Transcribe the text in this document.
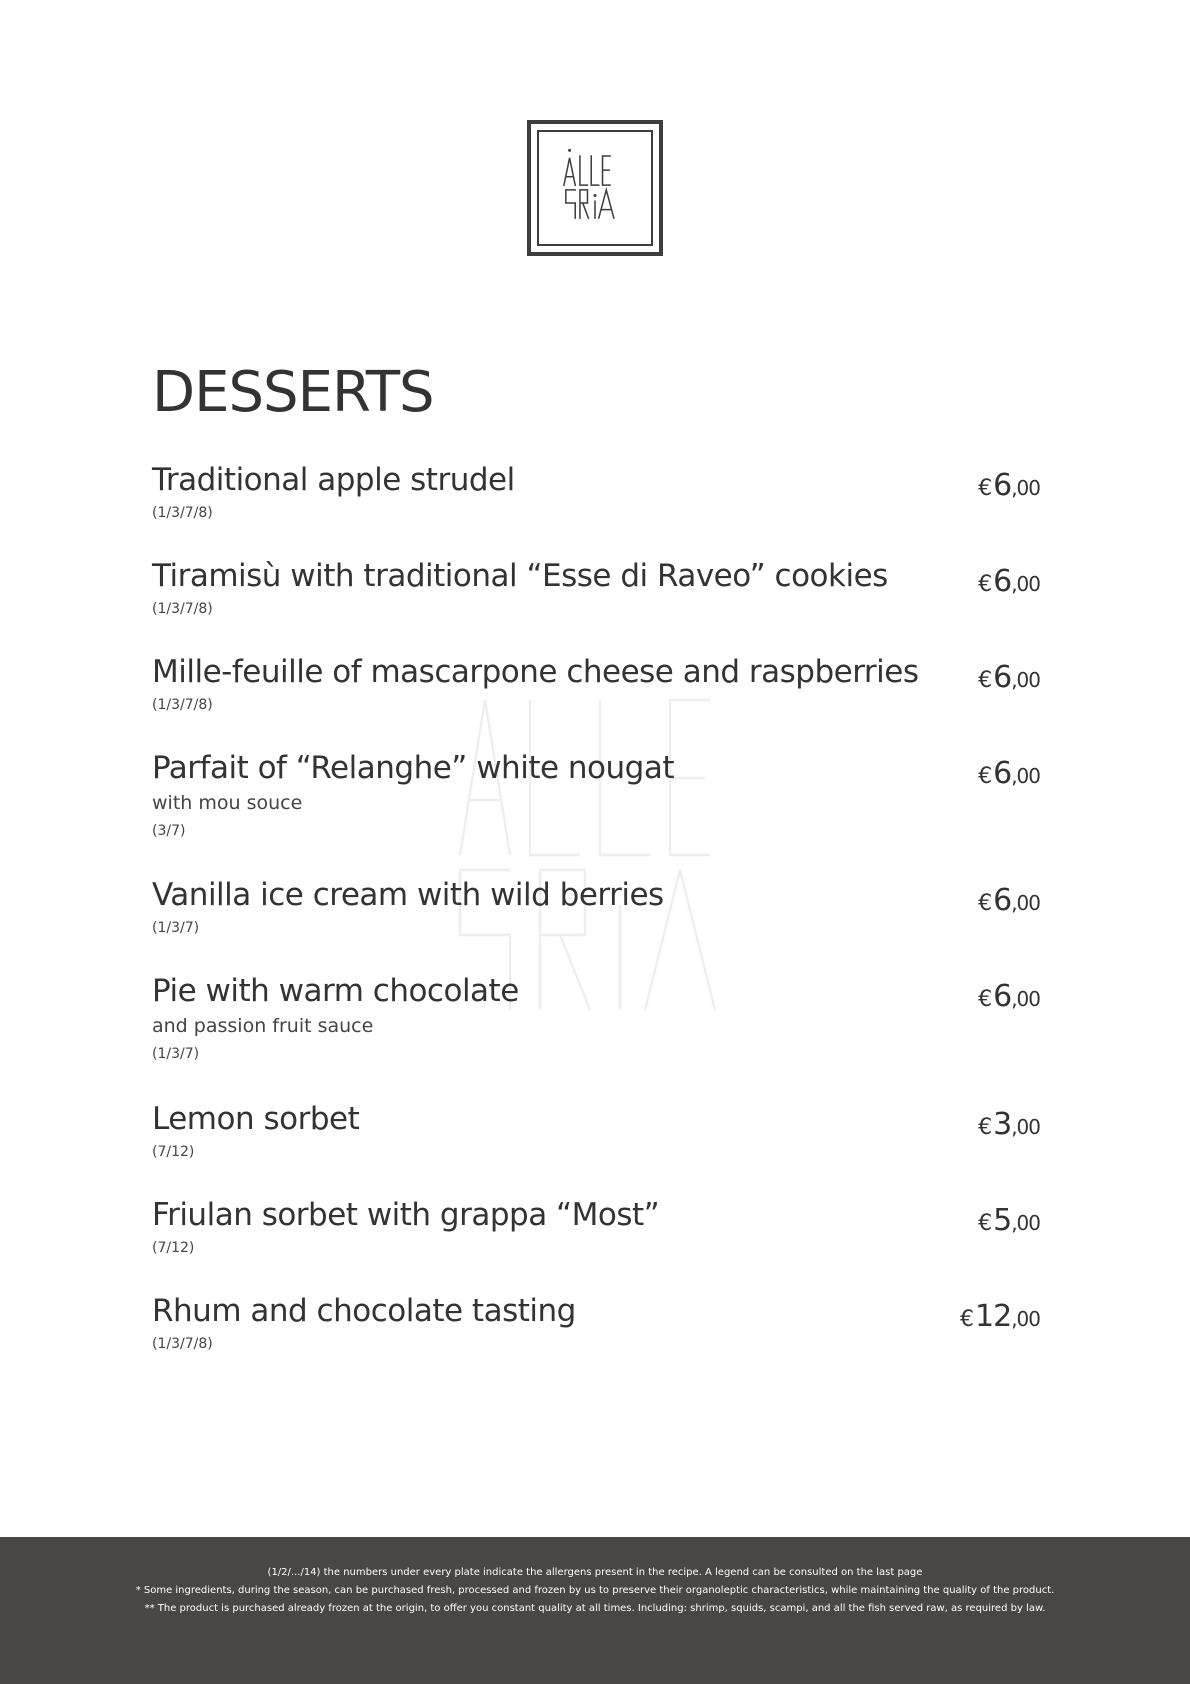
DESSERTS
Traditional apple strudel
(1/3/7/8)
€6,00
Tiramisù with traditional “Esse di Raveo” cookies
(1/3/7/8)
€6,00
Mille-feuille of mascarpone cheese and raspberries
(1/3/7/8)
€6,00
Parfait of “Relanghe” white nougat
with mou souce
(3/7)
€6,00
Vanilla ice cream with wild berries
(1/3/7)
€6,00
Pie with warm chocolate
and passion fruit sauce
(1/3/7)
€6,00
Lemon sorbet
(7/12)
€3,00
Friulan sorbet with grappa “Most”
(7/12)
€5,00
Rhum and chocolate tasting
(1/3/7/8)
€12,00

(1/2/.../14) the numbers under every plate indicate the allergens present in the recipe. A legend can be consulted on the last page

* Some ingredients, during the season, can be purchased fresh, processed and frozen by us to preserve their organoleptic characteristics, while maintaining the quality of the product.

** The product is purchased already frozen at the origin, to offer you constant quality at all times. Including: shrimp, squids, scampi, and all the fish served raw, as required by law.
